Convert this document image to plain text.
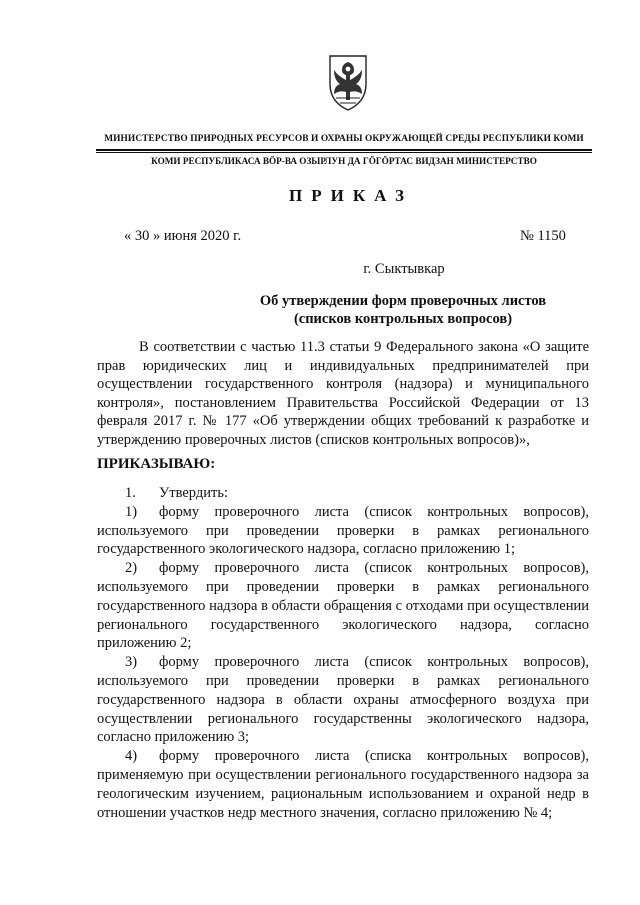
МИНИСТЕРСТВО ПРИРОДНЫХ РЕСУРСОВ И ОХРАНЫ ОКРУЖАЮЩЕЙ СРЕДЫ РЕСПУБЛИКИ КОМИ
КОМИ РЕСПУБЛИКАСА ВӦР-ВА ОЗЫРЛУН ДА ГӦГӦРТАС ВИДЗАН МИНИСТЕРСТВО
ПРИКАЗ
« 30 » июня 2020 г.	№ 1150
г. Сыктывкар
Об утверждении форм проверочных листов
(списков контрольных вопросов)

В соответствии с частью 11.3 статьи 9 Федерального закона «О защите прав юридических лиц и индивидуальных предпринимателей при осуществлении государственного контроля (надзора) и муниципального контроля», постановлением Правительства Российской Федерации от 13 февраля 2017 г. № 177 «Об утверждении общих требований к разработке и утверждению проверочных листов (списков контрольных вопросов)»,

ПРИКАЗЫВАЮ:

1. Утвердить:

1) форму проверочного листа (список контрольных вопросов), используемого при проведении проверки в рамках регионального государственного экологического надзора, согласно приложению 1;

2) форму проверочного листа (список контрольных вопросов), используемого при проведении проверки в рамках регионального государственного надзора в области обращения с отходами при осуществлении регионального государственного экологического надзора, согласно приложению 2;

3) форму проверочного листа (список контрольных вопросов), используемого при проведении проверки в рамках регионального государственного надзора в области охраны атмосферного воздуха при осуществлении регионального государственны экологического надзора, согласно приложению 3;

4) форму проверочного листа (списка контрольных вопросов), применяемую при осуществлении регионального государственного надзора за геологическим изучением, рациональным использованием и охраной недр в отношении участков недр местного значения, согласно приложению № 4;
